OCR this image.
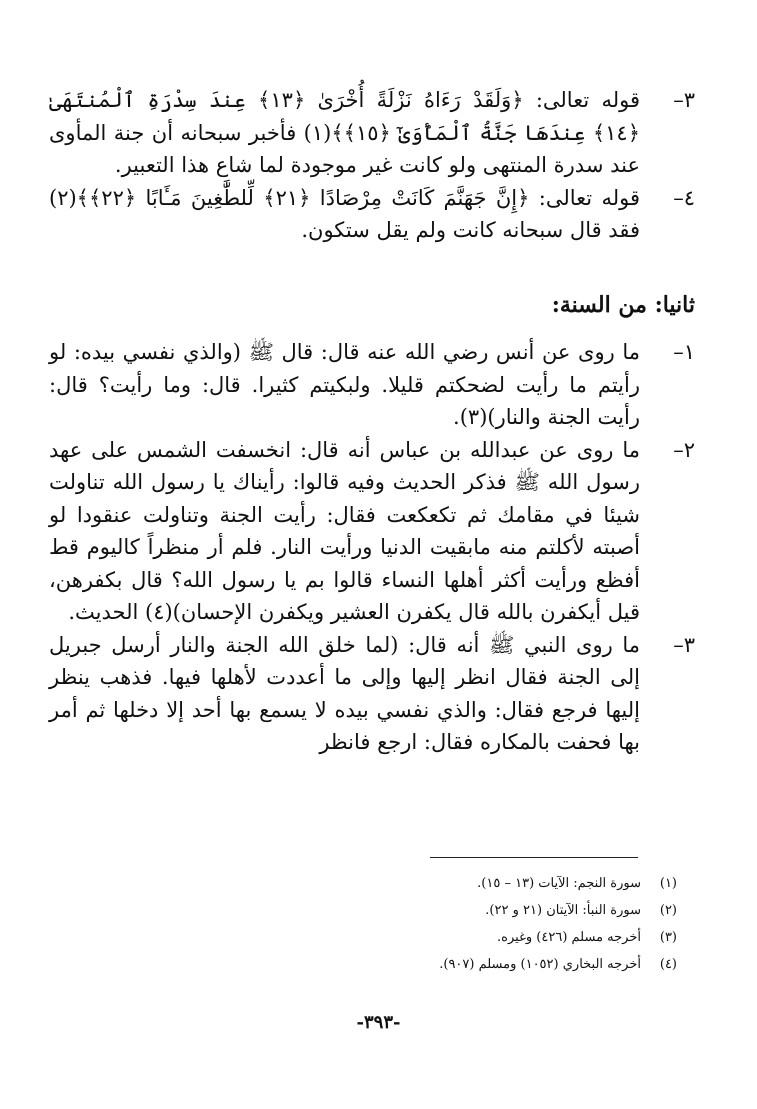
٣–
قوله تعالى: ﴿وَلَقَدْ رَءَاهُ نَزْلَةً أُخْرَىٰ ﴿١٣﴾ عِندَ سِدْرَةِ ٱلْمُنتَهَىٰ ﴿١٤﴾ عِندَهَا جَنَّةُ ٱلْمَأْوَىٰٓ ﴿١٥﴾﴾(١) فأخبر سبحانه أن جنة المأوى عند سدرة المنتهى ولو كانت غير موجودة لما شاع هذا التعبير.
٤–
قوله تعالى: ﴿إِنَّ جَهَنَّمَ كَانَتْ مِرْصَادًا ﴿٢١﴾ لِّلطَّٰغِينَ مَـَٔابًا ﴿٢٢﴾﴾(٢) فقد قال سبحانه كانت ولم يقل ستكون.
ثانيا: من السنة:
١–
ما روى عن أنس رضي الله عنه قال: قال ﷺ (والذي نفسي بيده: لو رأيتم ما رأيت لضحكتم قليلا. ولبكيتم كثيرا. قال: وما رأيت؟ قال: رأيت الجنة والنار)(٣).
٢–
ما روى عن عبدالله بن عباس أنه قال: انخسفت الشمس على عهد رسول الله ﷺ فذكر الحديث وفيه قالوا: رأيناك يا رسول الله تناولت شيئا في مقامك ثم تكعكعت فقال: رأيت الجنة وتناولت عنقودا لو أصبته لأكلتم منه مابقيت الدنيا ورأيت النار. فلم أر منظراً كاليوم قط أفظع ورأيت أكثر أهلها النساء قالوا بم يا رسول الله؟ قال بكفرهن، قيل أيكفرن بالله قال يكفرن العشير ويكفرن الإحسان)(٤) الحديث.
٣–
ما روى النبي ﷺ أنه قال: (لما خلق الله الجنة والنار أرسل جبريل إلى الجنة فقال انظر إليها وإلى ما أعددت لأهلها فيها. فذهب ينظر إليها فرجع فقال: والذي نفسي بيده لا يسمع بها أحد إلا دخلها ثم أمر بها فحفت بالمكاره فقال: ارجع فانظر
(١)سورة النجم: الآيات (١٣ – ١٥).
(٢)سورة النبأ: الآيتان (٢١ و ٢٢).
(٣)أخرجه مسلم (٤٢٦) وغيره.
(٤)أخرجه البخاري (١٠٥٢) ومسلم (٩٠٧).
-٣٩٣-
